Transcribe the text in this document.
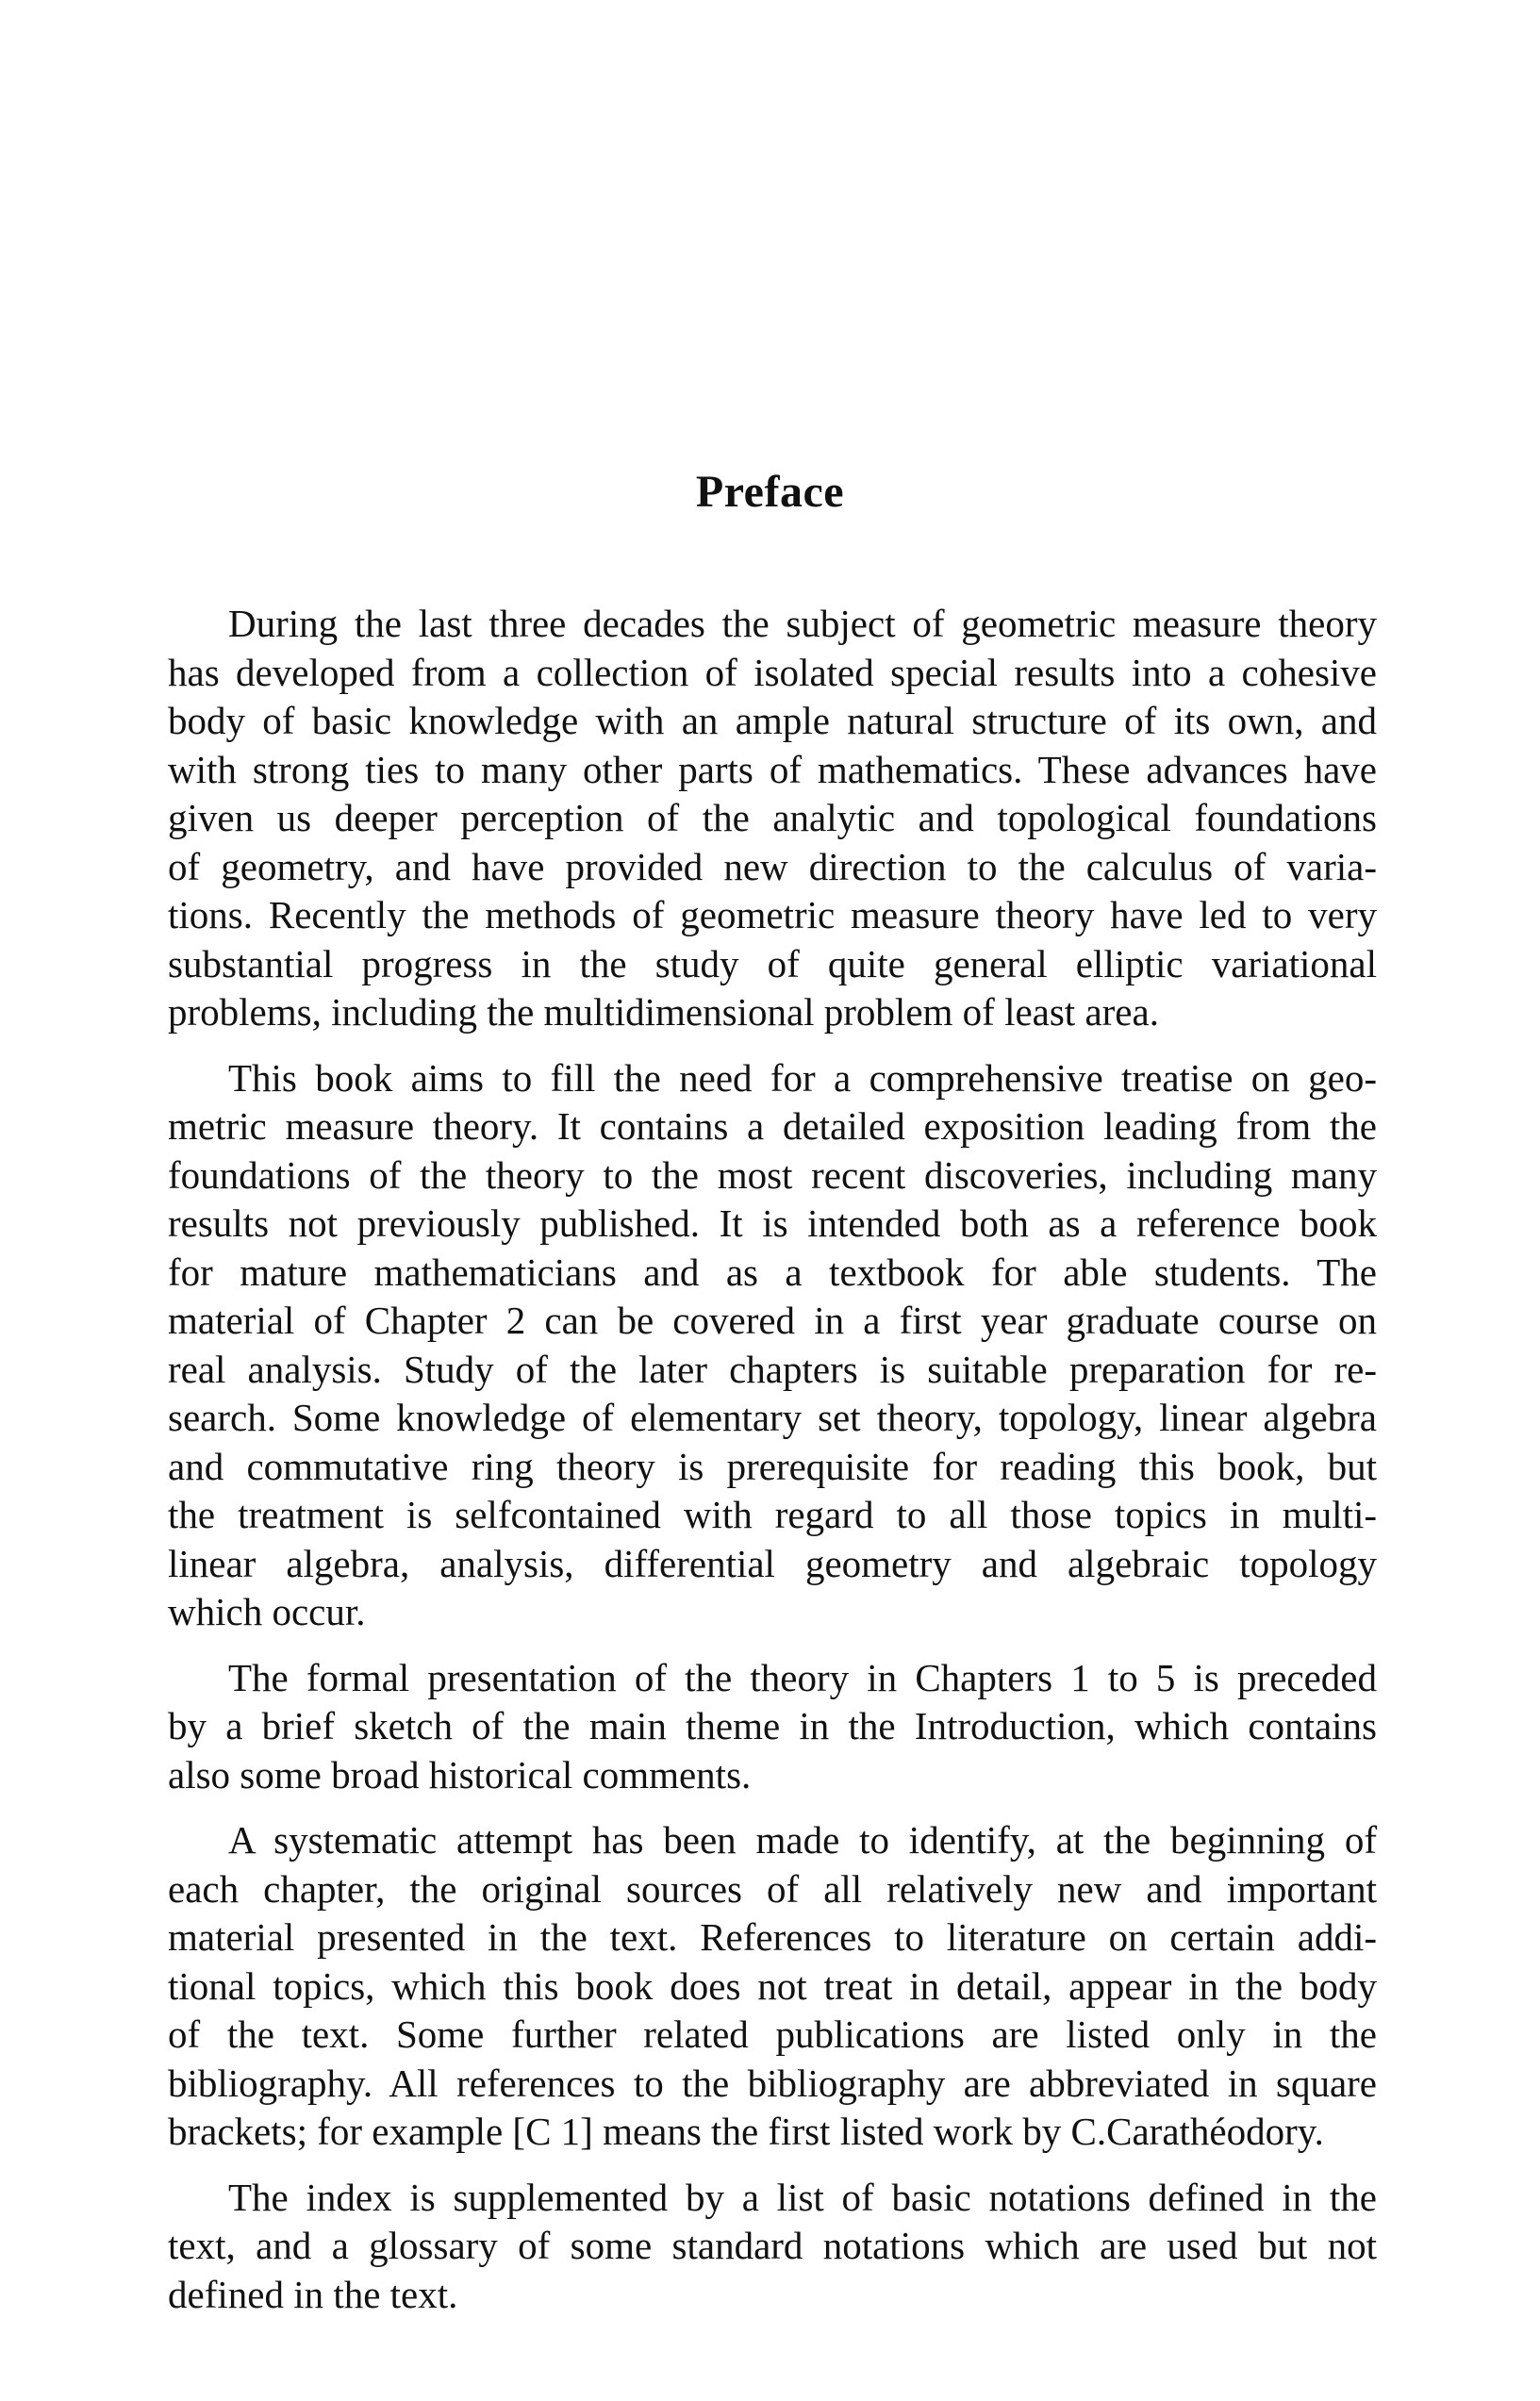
Preface
During the last three decades the subject of geometric measure theory
has developed from a collection of isolated special results into a cohesive
body of basic knowledge with an ample natural structure of its own, and
with strong ties to many other parts of mathematics. These advances have
given us deeper perception of the analytic and topological foundations
of geometry, and have provided new direction to the calculus of varia-
tions. Recently the methods of geometric measure theory have led to very
substantial progress in the study of quite general elliptic variational
problems, including the multidimensional problem of least area.
This book aims to fill the need for a comprehensive treatise on geo-
metric measure theory. It contains a detailed exposition leading from the
foundations of the theory to the most recent discoveries, including many
results not previously published. It is intended both as a reference book
for mature mathematicians and as a textbook for able students. The
material of Chapter 2 can be covered in a first year graduate course on
real analysis. Study of the later chapters is suitable preparation for re-
search. Some knowledge of elementary set theory, topology, linear algebra
and commutative ring theory is prerequisite for reading this book, but
the treatment is selfcontained with regard to all those topics in multi-
linear algebra, analysis, differential geometry and algebraic topology
which occur.
The formal presentation of the theory in Chapters 1 to 5 is preceded
by a brief sketch of the main theme in the Introduction, which contains
also some broad historical comments.
A systematic attempt has been made to identify, at the beginning of
each chapter, the original sources of all relatively new and important
material presented in the text. References to literature on certain addi-
tional topics, which this book does not treat in detail, appear in the body
of the text. Some further related publications are listed only in the
bibliography. All references to the bibliography are abbreviated in square
brackets; for example [C 1] means the first listed work by C.Carathéodory.
The index is supplemented by a list of basic notations defined in the
text, and a glossary of some standard notations which are used but not
defined in the text.
